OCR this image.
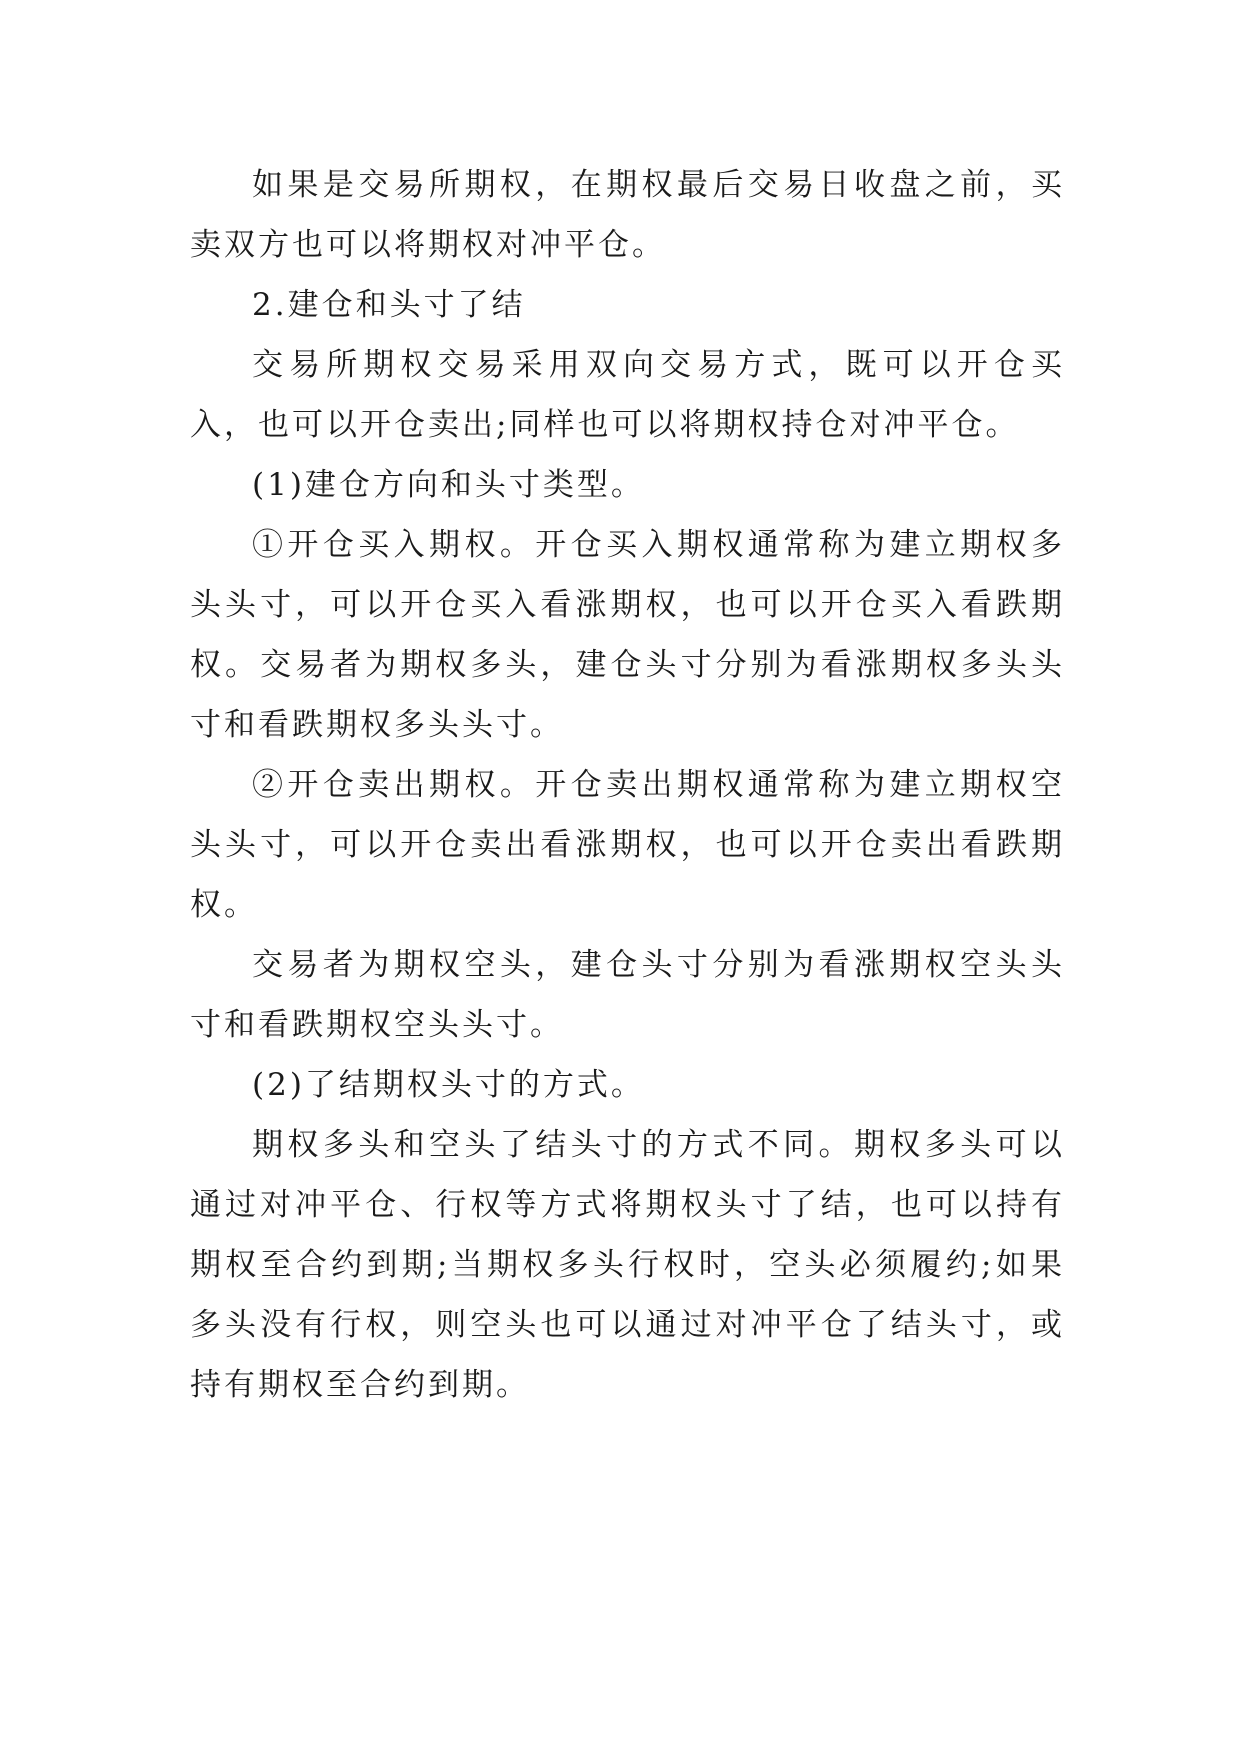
如果是交易所期权，在期权最后交易日收盘之前，买卖双方也可以将期权对冲平仓。

2.建仓和头寸了结

交易所期权交易采用双向交易方式，既可以开仓买入，也可以开仓卖出;同样也可以将期权持仓对冲平仓。

(1)建仓方向和头寸类型。

①开仓买入期权。开仓买入期权通常称为建立期权多头头寸，可以开仓买入看涨期权，也可以开仓买入看跌期权。交易者为期权多头，建仓头寸分别为看涨期权多头头寸和看跌期权多头头寸。

②开仓卖出期权。开仓卖出期权通常称为建立期权空头头寸，可以开仓卖出看涨期权，也可以开仓卖出看跌期权。

交易者为期权空头，建仓头寸分别为看涨期权空头头寸和看跌期权空头头寸。

(2)了结期权头寸的方式。

期权多头和空头了结头寸的方式不同。期权多头可以通过对冲平仓、行权等方式将期权头寸了结，也可以持有期权至合约到期;当期权多头行权时，空头必须履约;如果多头没有行权，则空头也可以通过对冲平仓了结头寸，或持有期权至合约到期。
